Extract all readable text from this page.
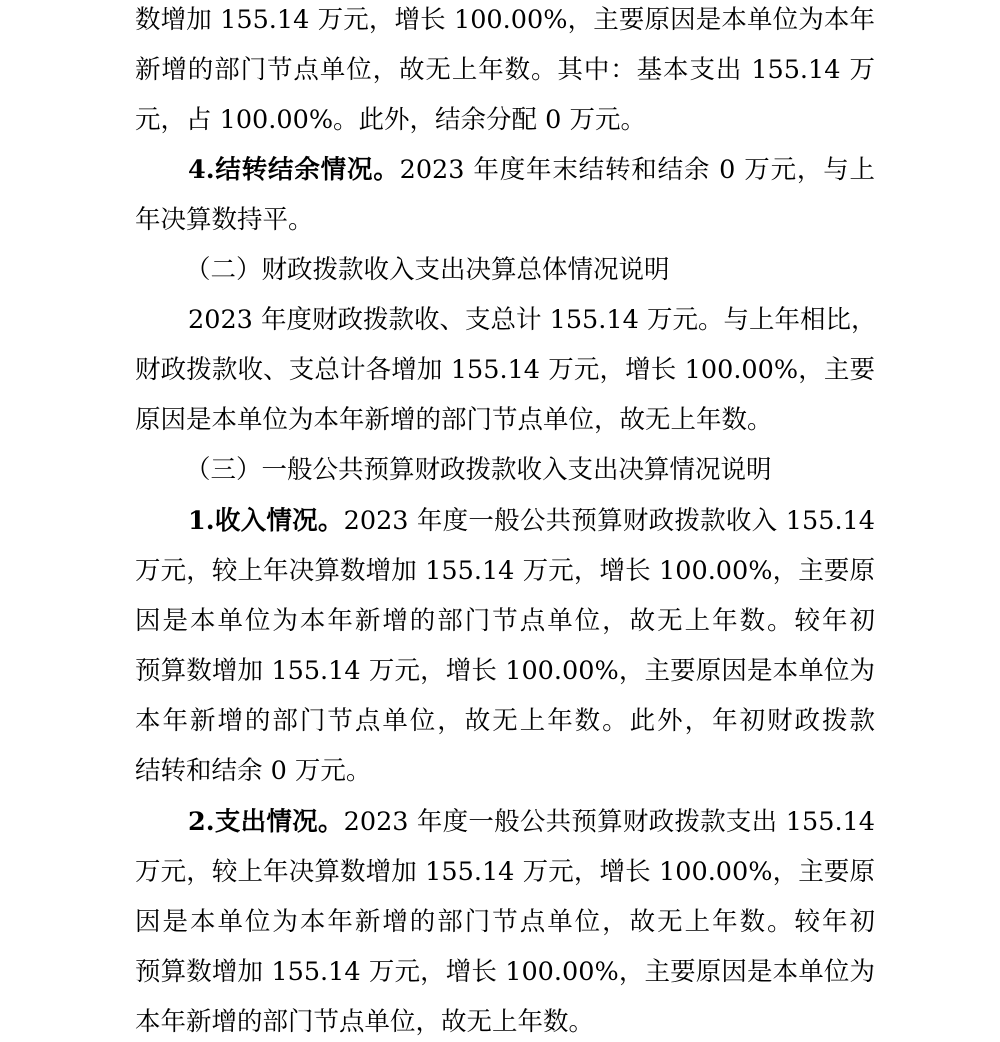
数增加 155.14 万元，增长 100.00%，主要原因是本单位为本年
新增的部门节点单位，故无上年数。其中：基本支出 155.14 万
元，占 100.00%。此外，结余分配 0 万元。
4.结转结余情况。2023 年度年末结转和结余 0 万元，与上
年决算数持平。
（二）财政拨款收入支出决算总体情况说明
2023 年度财政拨款收、支总计 155.14 万元。与上年相比，
财政拨款收、支总计各增加 155.14 万元，增长 100.00%，主要
原因是本单位为本年新增的部门节点单位，故无上年数。
（三）一般公共预算财政拨款收入支出决算情况说明
1.收入情况。2023 年度一般公共预算财政拨款收入 155.14
万元，较上年决算数增加 155.14 万元，增长 100.00%，主要原
因是本单位为本年新增的部门节点单位，故无上年数。较年初
预算数增加 155.14 万元，增长 100.00%，主要原因是本单位为
本年新增的部门节点单位，故无上年数。此外，年初财政拨款
结转和结余 0 万元。
2.支出情况。2023 年度一般公共预算财政拨款支出 155.14
万元，较上年决算数增加 155.14 万元，增长 100.00%，主要原
因是本单位为本年新增的部门节点单位，故无上年数。较年初
预算数增加 155.14 万元，增长 100.00%，主要原因是本单位为
本年新增的部门节点单位，故无上年数。
